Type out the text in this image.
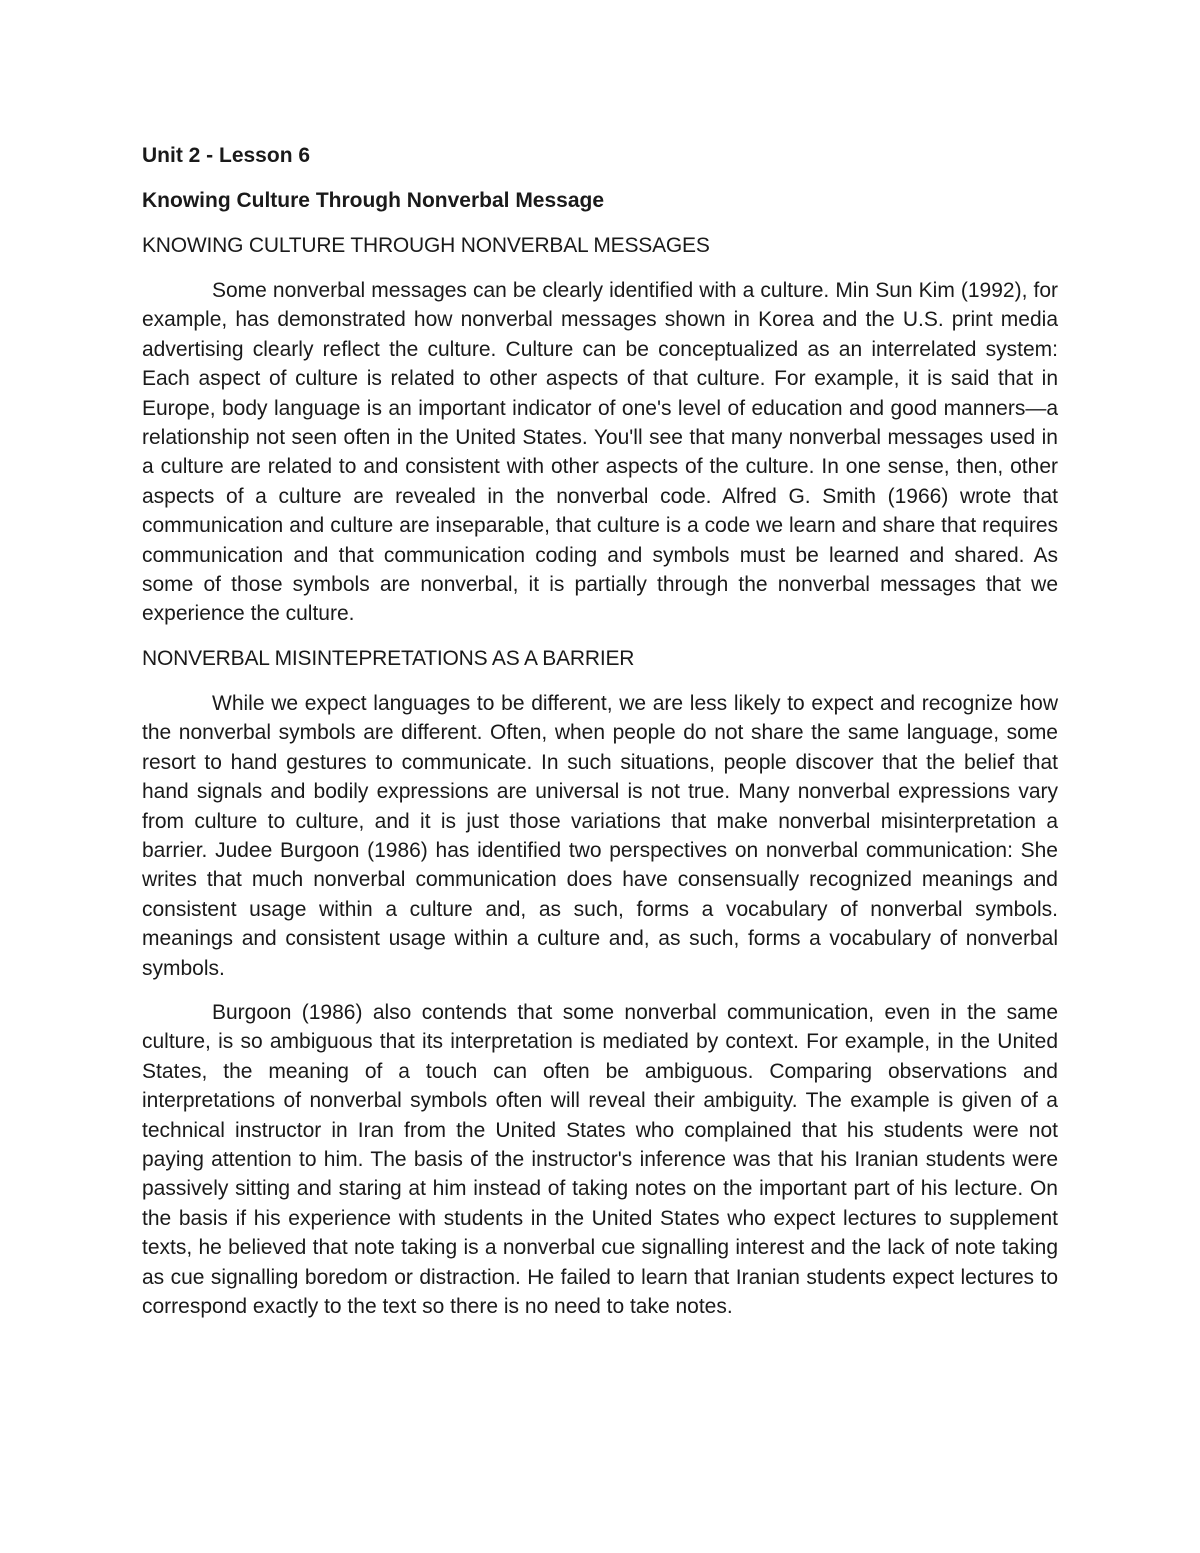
Unit 2 - Lesson 6
Knowing Culture Through Nonverbal Message
KNOWING CULTURE THROUGH NONVERBAL MESSAGES

Some nonverbal messages can be clearly identified with a culture. Min Sun Kim (1992), for example, has demonstrated how nonverbal messages shown in Korea and the U.S. print media advertising clearly reflect the culture. Culture can be conceptualized as an interrelated system: Each aspect of culture is related to other aspects of that culture. For example, it is said that in Europe, body language is an important indicator of one's level of education and good manners—a relationship not seen often in the United States. You'll see that many nonverbal messages used in a culture are related to and consistent with other aspects of the culture. In one sense, then, other aspects of a culture are revealed in the nonverbal code. Alfred G. Smith (1966) wrote that communication and culture are inseparable, that culture is a code we learn and share that requires communication and that communication coding and symbols must be learned and shared. As some of those symbols are nonverbal, it is partially through the nonverbal messages that we experience the culture.

NONVERBAL MISINTEPRETATIONS AS A BARRIER

While we expect languages to be different, we are less likely to expect and recognize how the nonverbal symbols are different. Often, when people do not share the same language, some resort to hand gestures to communicate. In such situations, people discover that the belief that hand signals and bodily expressions are universal is not true. Many nonverbal expressions vary from culture to culture, and it is just those variations that make nonverbal misinterpretation a barrier. Judee Burgoon (1986) has identified two perspectives on nonverbal communication: She writes that much nonverbal communication does have consensually recognized meanings and consistent usage within a culture and, as such, forms a vocabulary of nonverbal symbols. meanings and consistent usage within a culture and, as such, forms a vocabulary of nonverbal symbols.

Burgoon (1986) also contends that some nonverbal communication, even in the same culture, is so ambiguous that its interpretation is mediated by context. For example, in the United States, the meaning of a touch can often be ambiguous. Comparing observations and interpretations of nonverbal symbols often will reveal their ambiguity. The example is given of a technical instructor in Iran from the United States who complained that his students were not paying attention to him. The basis of the instructor's inference was that his Iranian students were passively sitting and staring at him instead of taking notes on the important part of his lecture. On the basis if his experience with students in the United States who expect lectures to supplement texts, he believed that note taking is a nonverbal cue signalling interest and the lack of note taking as cue signalling boredom or distraction. He failed to learn that Iranian students expect lectures to correspond exactly to the text so there is no need to take notes.
